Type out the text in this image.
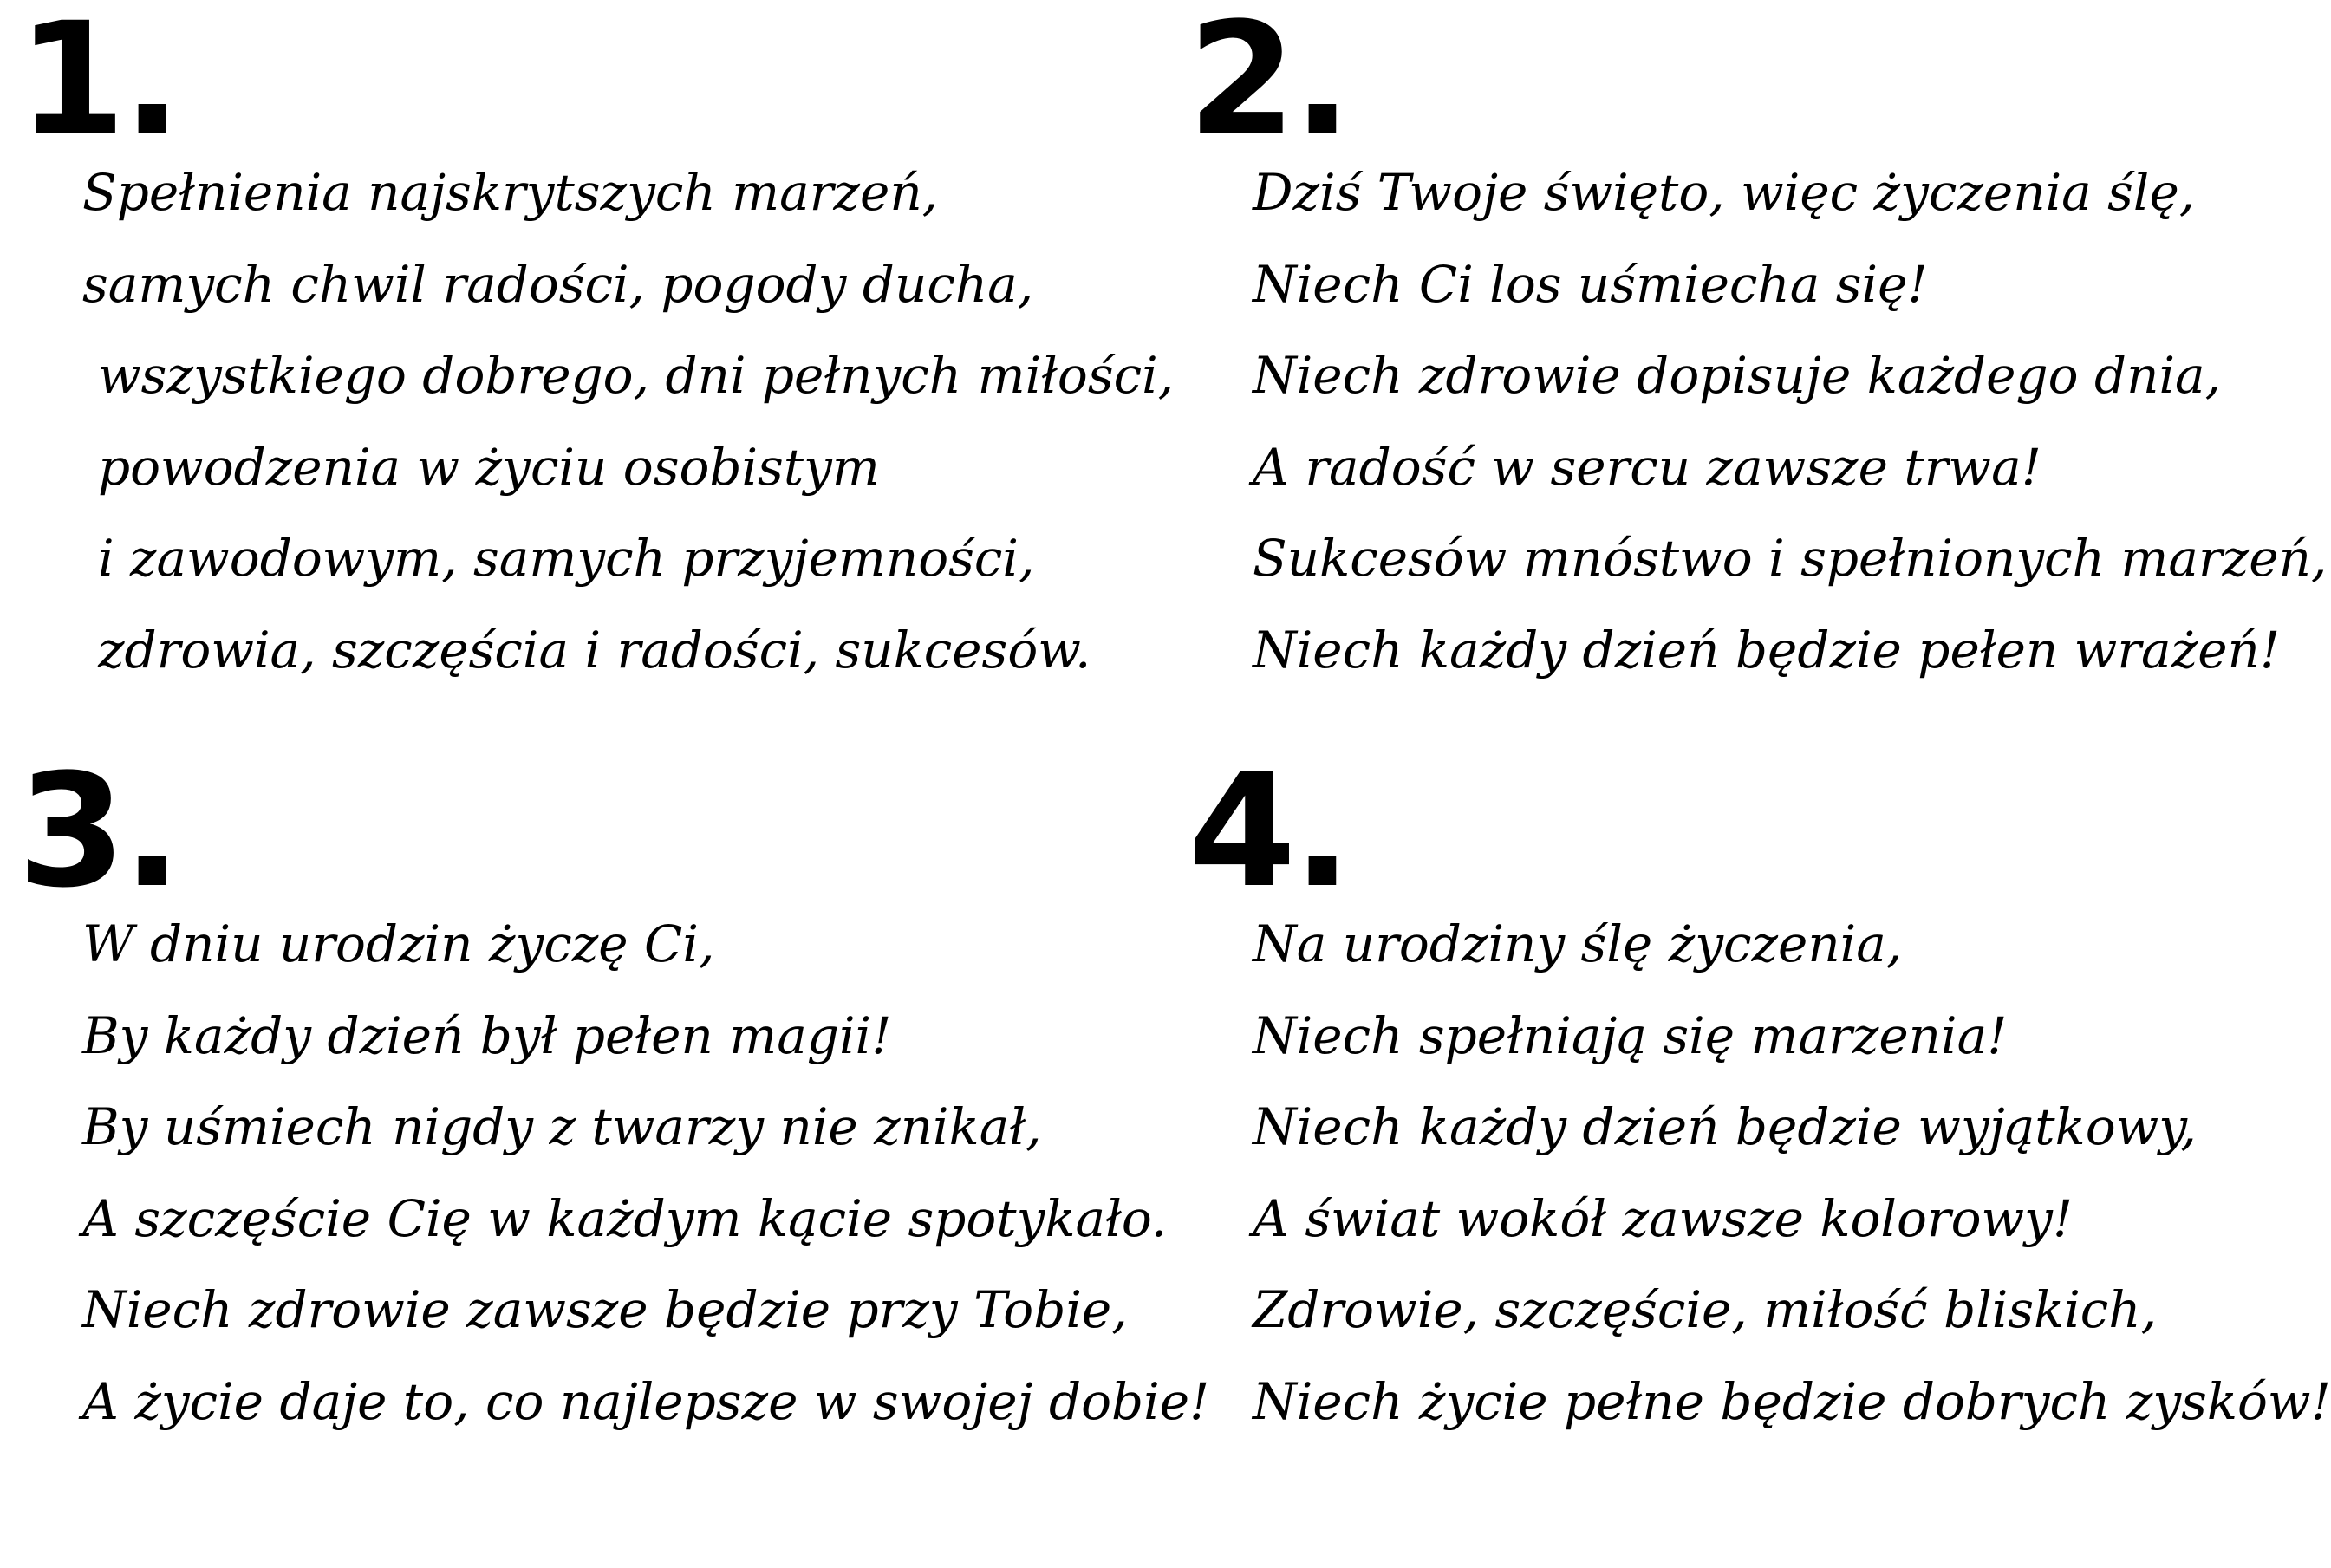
1.
Spełnienia najskrytszych marzeń,
samych chwil radości, pogody ducha,
wszystkiego dobrego, dni pełnych miłości,
powodzenia w życiu osobistym
i zawodowym, samych przyjemności,
zdrowia, szczęścia i radości, sukcesów.
2.
Dziś Twoje święto, więc życzenia ślę,
Niech Ci los uśmiecha się!
Niech zdrowie dopisuje każdego dnia,
A radość w sercu zawsze trwa!
Sukcesów mnóstwo i spełnionych marzeń,
Niech każdy dzień będzie pełen wrażeń!
3.
W dniu urodzin życzę Ci,
By każdy dzień był pełen magii!
By uśmiech nigdy z twarzy nie znikał,
A szczęście Cię w każdym kącie spotykało.
Niech zdrowie zawsze będzie przy Tobie,
A życie daje to, co najlepsze w swojej dobie!
4.
Na urodziny ślę życzenia,
Niech spełniają się marzenia!
Niech każdy dzień będzie wyjątkowy,
A świat wokół zawsze kolorowy!
Zdrowie, szczęście, miłość bliskich,
Niech życie pełne będzie dobrych zysków!
